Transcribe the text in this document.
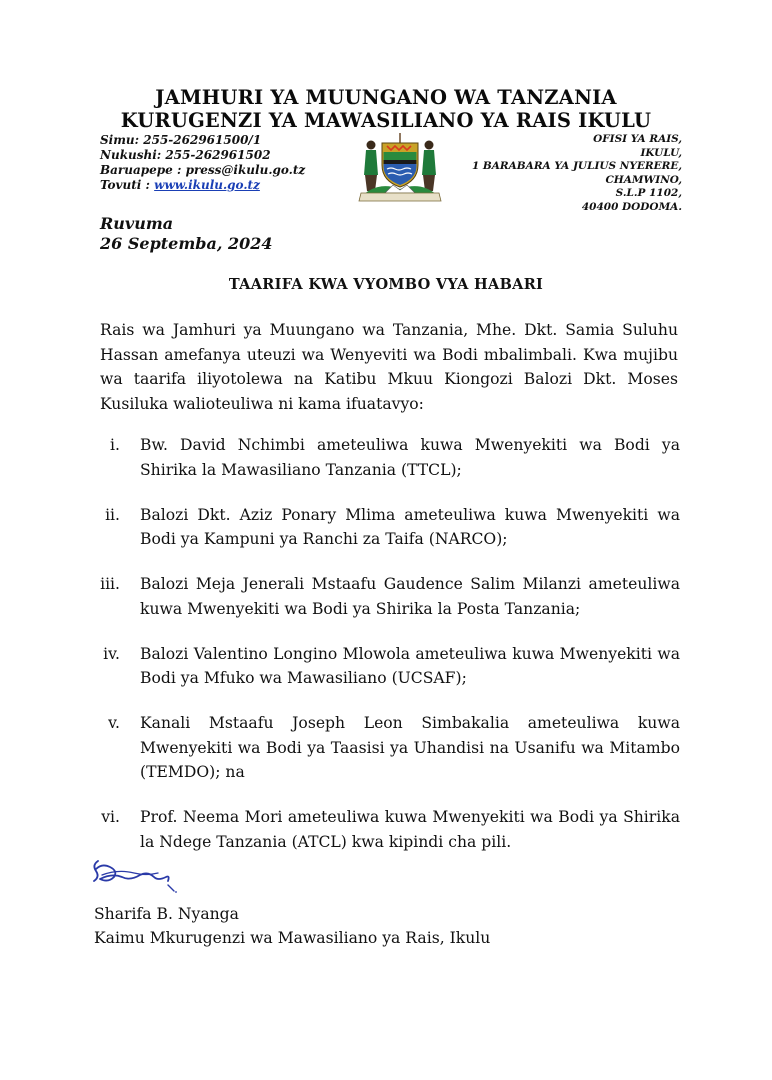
JAMHURI YA MUUNGANO WA TANZANIA
KURUGENZI YA MAWASILIANO YA RAIS IKULU
Simu: 255-262961500/1
Nukushi: 255-262961502
Baruapepe : press@ikulu.go.tz
Tovuti : www.ikulu.go.tz
OFISI YA RAIS,
IKULU,
1 BARABARA YA JULIUS NYERERE,
CHAMWINO,
S.L.P 1102,
40400 DODOMA.
Ruvuma
26 Septemba, 2024
TAARIFA KWA VYOMBO VYA HABARI
Rais wa Jamhuri ya Muungano wa Tanzania, Mhe. Dkt. Samia Suluhu Hassan amefanya uteuzi wa Wenyeviti wa Bodi mbalimbali. Kwa mujibu wa taarifa iliyotolewa na Katibu Mkuu Kiongozi Balozi Dkt. Moses Kusiluka walioteuliwa ni kama ifuatavyo:
i. Bw. David Nchimbi ameteuliwa kuwa Mwenyekiti wa Bodi ya Shirika la Mawasiliano Tanzania (TTCL);
ii. Balozi Dkt. Aziz Ponary Mlima ameteuliwa kuwa Mwenyekiti wa Bodi ya Kampuni ya Ranchi za Taifa (NARCO);
iii. Balozi Meja Jenerali Mstaafu Gaudence Salim Milanzi ameteuliwa kuwa Mwenyekiti wa Bodi ya Shirika la Posta Tanzania;
iv. Balozi Valentino Longino Mlowola ameteuliwa kuwa Mwenyekiti wa Bodi ya Mfuko wa Mawasiliano (UCSAF);
v. Kanali Mstaafu Joseph Leon Simbakalia ameteuliwa kuwa Mwenyekiti wa Bodi ya Taasisi ya Uhandisi na Usanifu wa Mitambo (TEMDO); na
vi. Prof. Neema Mori ameteuliwa kuwa Mwenyekiti wa Bodi ya Shirika la Ndege Tanzania (ATCL) kwa kipindi cha pili.
Sharifa B. Nyanga
Kaimu Mkurugenzi wa Mawasiliano ya Rais, Ikulu
